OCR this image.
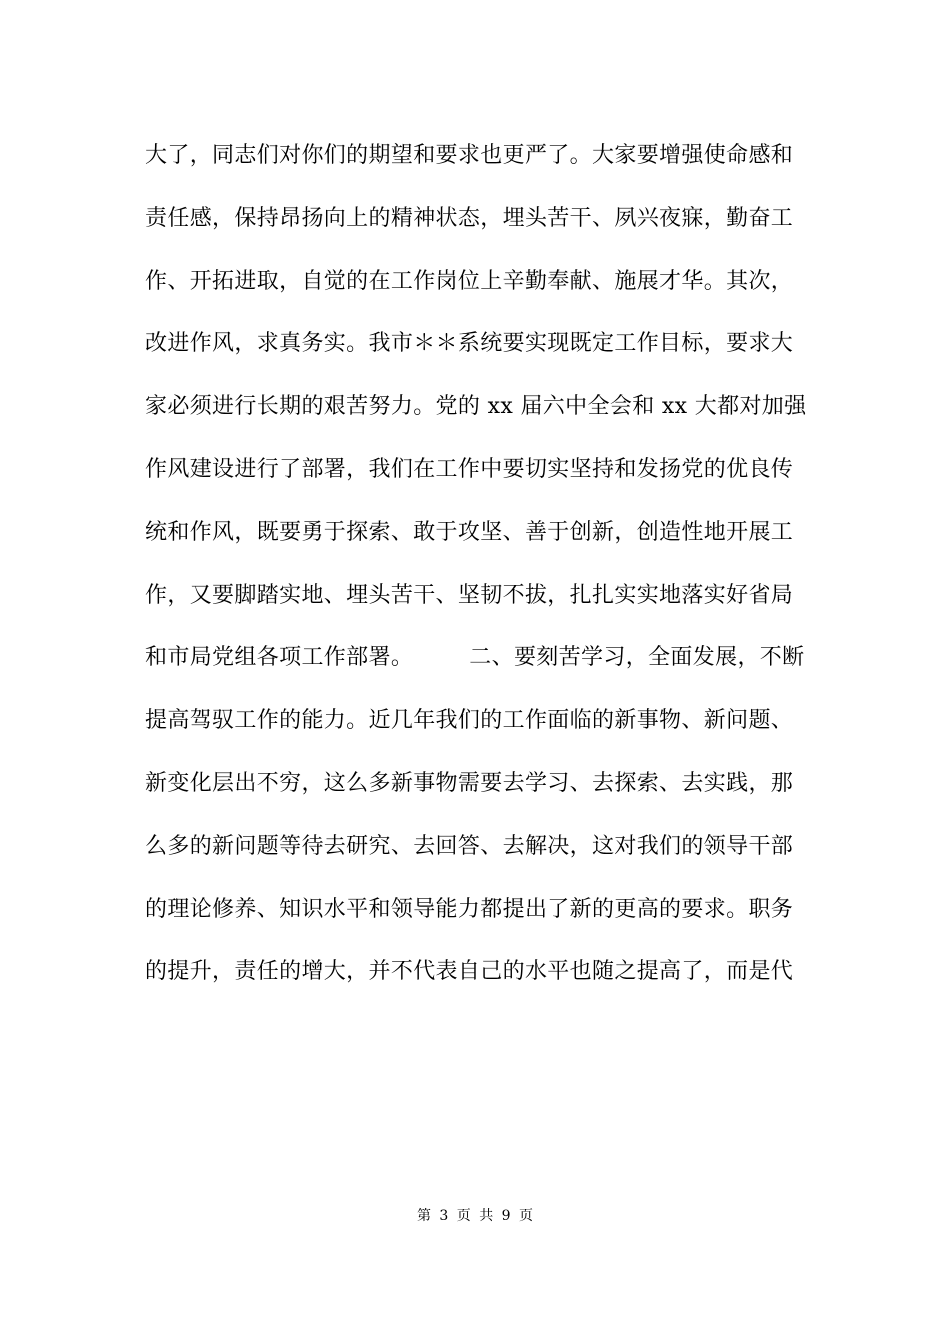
大了，同志们对你们的期望和要求也更严了。大家要增强使命感和
责任感，保持昂扬向上的精神状态，埋头苦干、夙兴夜寐，勤奋工
作、开拓进取，自觉的在工作岗位上辛勤奉献、施展才华。其次，
改进作风，求真务实。我市＊＊系统要实现既定工作目标，要求大
家必须进行长期的艰苦努力。党的 xx 届六中全会和 xx 大都对加强
作风建设进行了部署，我们在工作中要切实坚持和发扬党的优良传
统和作风，既要勇于探索、敢于攻坚、善于创新，创造性地开展工
作，又要脚踏实地、埋头苦干、坚韧不拔，扎扎实实地落实好省局
和市局党组各项工作部署。　　　二、要刻苦学习，全面发展，不断
提高驾驭工作的能力。近几年我们的工作面临的新事物、新问题、
新变化层出不穷，这么多新事物需要去学习、去探索、去实践，那
么多的新问题等待去研究、去回答、去解决，这对我们的领导干部
的理论修养、知识水平和领导能力都提出了新的更高的要求。职务
的提升，责任的增大，并不代表自己的水平也随之提高了，而是代
第 3 页 共 9 页
